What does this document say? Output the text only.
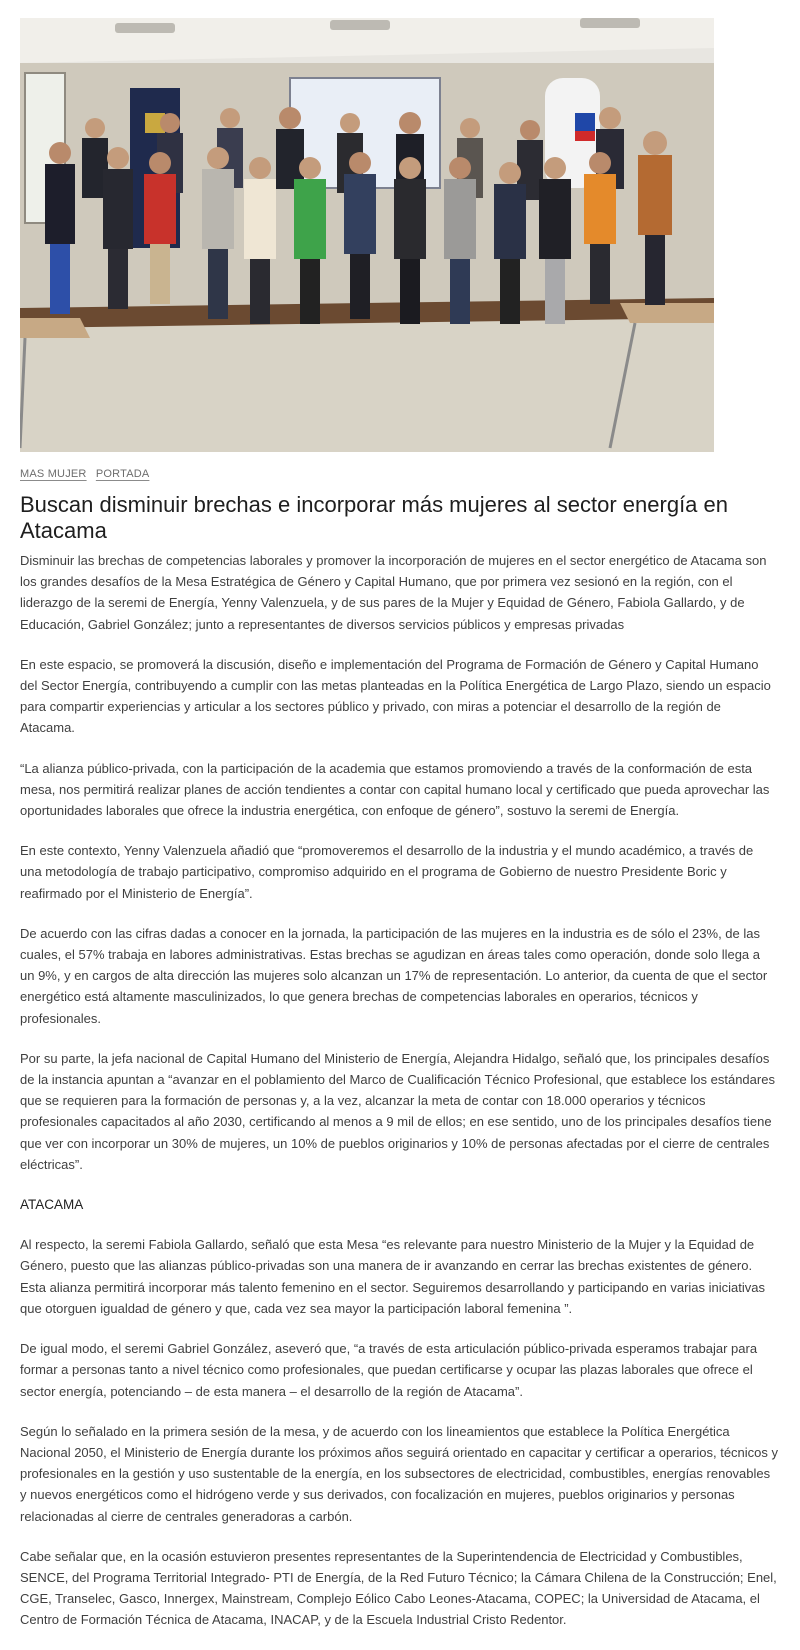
MAS MUJER PORTADA
Buscan disminuir brechas e incorporar más mujeres al sector energía en Atacama

Disminuir las brechas de competencias laborales y promover la incorporación de mujeres en el sector energético de Atacama son los grandes desafíos de la Mesa Estratégica de Género y Capital Humano, que por primera vez sesionó en la región, con el liderazgo de la seremi de Energía, Yenny Valenzuela, y de sus pares de la Mujer y Equidad de Género, Fabiola Gallardo, y de Educación, Gabriel González; junto a representantes de diversos servicios públicos y empresas privadas

En este espacio, se promoverá la discusión, diseño e implementación del Programa de Formación de Género y Capital Humano del Sector Energía, contribuyendo a cumplir con las metas planteadas en la Política Energética de Largo Plazo, siendo un espacio para compartir experiencias y articular a los sectores público y privado, con miras a potenciar el desarrollo de la región de Atacama.

“La alianza público-privada, con la participación de la academia que estamos promoviendo a través de la conformación de esta mesa, nos permitirá realizar planes de acción tendientes a contar con capital humano local y certificado que pueda aprovechar las oportunidades laborales que ofrece la industria energética, con enfoque de género”, sostuvo la seremi de Energía.

En este contexto, Yenny Valenzuela añadió que “promoveremos el desarrollo de la industria y el mundo académico, a través de una metodología de trabajo participativo, compromiso adquirido en el programa de Gobierno de nuestro Presidente Boric y reafirmado por el Ministerio de Energía”.

De acuerdo con las cifras dadas a conocer en la jornada, la participación de las mujeres en la industria es de sólo el 23%, de las cuales, el 57% trabaja en labores administrativas. Estas brechas se agudizan en áreas tales como operación, donde solo llega a un 9%, y en cargos de alta dirección las mujeres solo alcanzan un 17% de representación. Lo anterior, da cuenta de que el sector energético está altamente masculinizados, lo que genera brechas de competencias laborales en operarios, técnicos y profesionales.

Por su parte, la jefa nacional de Capital Humano del Ministerio de Energía, Alejandra Hidalgo, señaló que, los principales desafíos de la instancia apuntan a “avanzar en el poblamiento del Marco de Cualificación Técnico Profesional, que establece los estándares que se requieren para la formación de personas y, a la vez, alcanzar la meta de contar con 18.000 operarios y técnicos profesionales capacitados al año 2030, certificando al menos a 9 mil de ellos; en ese sentido, uno de los principales desafíos tiene que ver con incorporar un 30% de mujeres, un 10% de pueblos originarios y 10% de personas afectadas por el cierre de centrales eléctricas”.

ATACAMA

Al respecto, la seremi Fabiola Gallardo, señaló que esta Mesa “es relevante para nuestro Ministerio de la Mujer y la Equidad de Género, puesto que las alianzas público-privadas son una manera de ir avanzando en cerrar las brechas existentes de género. Esta alianza permitirá incorporar más talento femenino en el sector. Seguiremos desarrollando y participando en varias iniciativas que otorguen igualdad de género y que, cada vez sea mayor la participación laboral femenina ”.

De igual modo, el seremi Gabriel González, aseveró que, “a través de esta articulación público-privada esperamos trabajar para formar a personas tanto a nivel técnico como profesionales, que puedan certificarse y ocupar las plazas laborales que ofrece el sector energía, potenciando – de esta manera – el desarrollo de la región de Atacama”.

Según lo señalado en la primera sesión de la mesa, y de acuerdo con los lineamientos que establece la Política Energética Nacional 2050, el Ministerio de Energía durante los próximos años seguirá orientado en capacitar y certificar a operarios, técnicos y profesionales en la gestión y uso sustentable de la energía, en los subsectores de electricidad, combustibles, energías renovables y nuevos energéticos como el hidrógeno verde y sus derivados, con focalización en mujeres, pueblos originarios y personas relacionadas al cierre de centrales generadoras a carbón.

Cabe señalar que, en la ocasión estuvieron presentes representantes de la Superintendencia de Electricidad y Combustibles, SENCE, del Programa Territorial Integrado- PTI de Energía, de la Red Futuro Técnico; la Cámara Chilena de la Construcción; Enel, CGE, Transelec, Gasco, Innergex, Mainstream, Complejo Eólico Cabo Leones-Atacama, COPEC; la Universidad de Atacama, el Centro de Formación Técnica de Atacama, INACAP, y de la Escuela Industrial Cristo Redentor.
